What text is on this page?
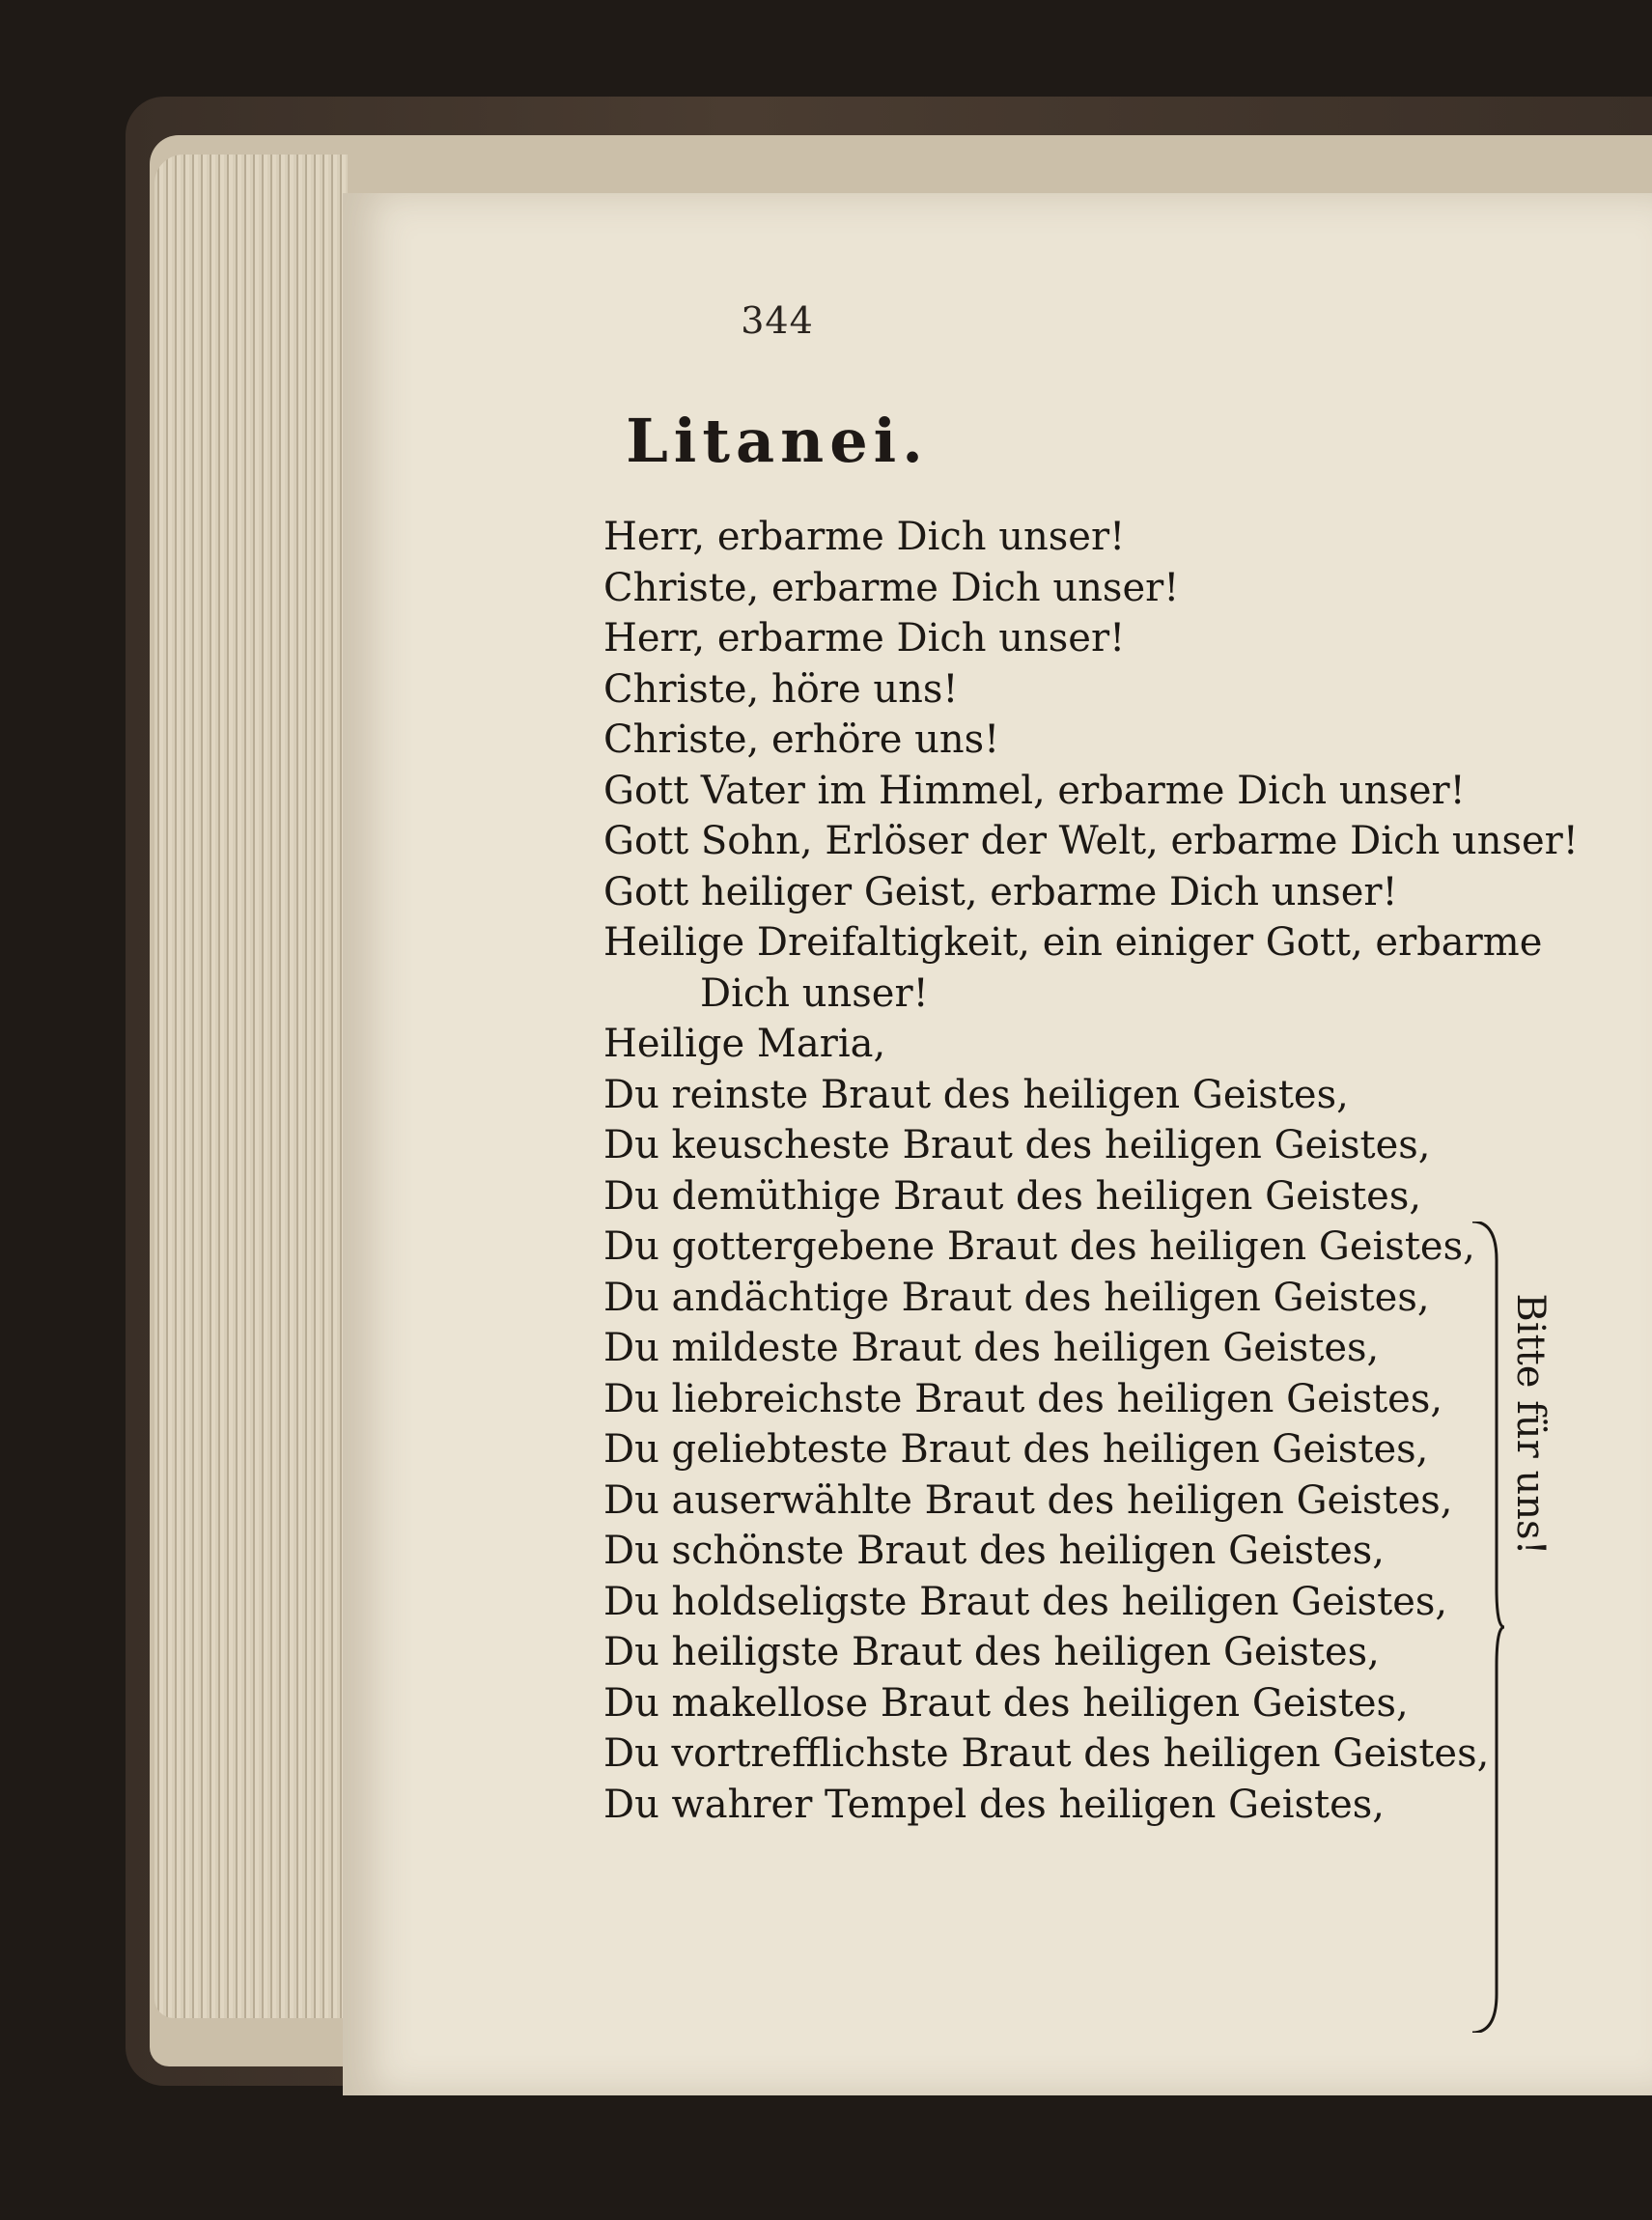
344
Litanei.
Herr, erbarme Dich unser!
Christe, erbarme Dich unser!
Herr, erbarme Dich unser!
Christe, höre uns!
Christe, erhöre uns!
Gott Vater im Himmel, erbarme Dich unser!
Gott Sohn, Erlöser der Welt, erbarme Dich unser!
Gott heiliger Geist, erbarme Dich unser!
Heilige Dreifaltigkeit, ein einiger Gott, erbarme
Dich unser!
Heilige Maria,
Du reinste Braut des heiligen Geistes,
Du keuscheste Braut des heiligen Geistes,
Du demüthige Braut des heiligen Geistes,
Du gottergebene Braut des heiligen Geistes,
Du andächtige Braut des heiligen Geistes,
Du mildeste Braut des heiligen Geistes,
Du liebreichste Braut des heiligen Geistes,
Du geliebteste Braut des heiligen Geistes,
Du auserwählte Braut des heiligen Geistes,
Du schönste Braut des heiligen Geistes,
Du holdseligste Braut des heiligen Geistes,
Du heiligste Braut des heiligen Geistes,
Du makellose Braut des heiligen Geistes,
Du vortrefflichste Braut des heiligen Geistes,
Du wahrer Tempel des heiligen Geistes,
Bitte für uns!
